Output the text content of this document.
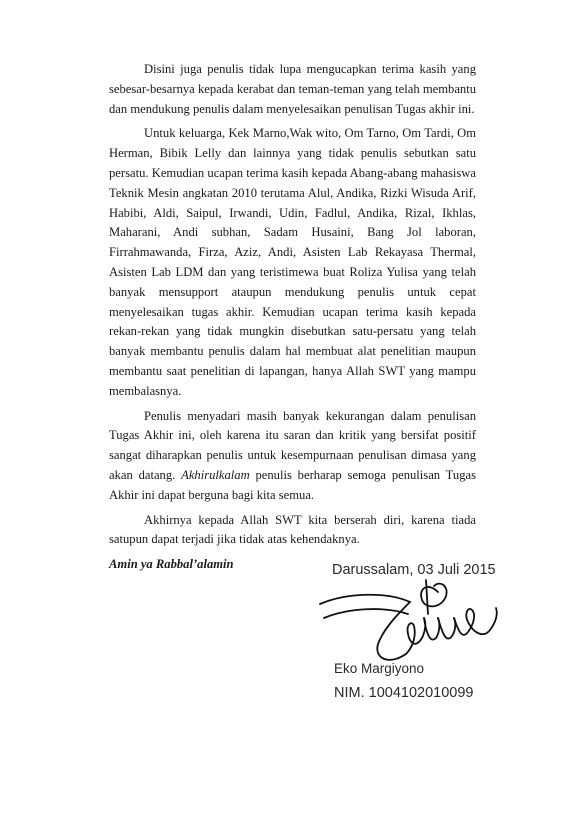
Disini juga penulis tidak lupa mengucapkan terima kasih yang sebesar-besarnya kepada kerabat dan teman-teman yang telah membantu dan mendukung penulis dalam menyelesaikan penulisan Tugas akhir ini.

Untuk keluarga, Kek Marno,Wak wito, Om Tarno, Om Tardi, Om Herman, Bibik Lelly dan lainnya yang tidak penulis sebutkan satu persatu. Kemudian ucapan terima kasih kepada Abang-abang mahasiswa Teknik Mesin angkatan 2010 terutama Alul, Andika, Rizki Wisuda Arif, Habibi, Aldi, Saipul, Irwandi, Udin, Fadlul, Andika, Rizal, Ikhlas, Maharani, Andi subhan, Sadam Husaini, Bang Jol laboran, Firrahmawanda, Firza, Aziz, Andi, Asisten Lab Rekayasa Thermal, Asisten Lab LDM dan yang teristimewa buat Roliza Yulisa yang telah banyak mensupport ataupun mendukung penulis untuk cepat menyelesaikan tugas akhir. Kemudian ucapan terima kasih kepada rekan-rekan yang tidak mungkin disebutkan satu-persatu yang telah banyak membantu penulis dalam hal membuat alat penelitian maupun membantu saat penelitian di lapangan, hanya Allah SWT yang mampu membalasnya.

Penulis menyadari masih banyak kekurangan dalam penulisan Tugas Akhir ini, oleh karena itu saran dan kritik yang bersifat positif sangat diharapkan penulis untuk kesempurnaan penulisan dimasa yang akan datang. Akhirulkalam penulis berharap semoga penulisan Tugas Akhir ini dapat berguna bagi kita semua.

Akhirnya kepada Allah SWT kita berserah diri, karena tiada satupun dapat terjadi jika tidak atas kehendaknya.

Amin ya Rabbal’alamin	Darussalam, 03 Juli 2015
Eko Margiyono
NIM. 1004102010099
